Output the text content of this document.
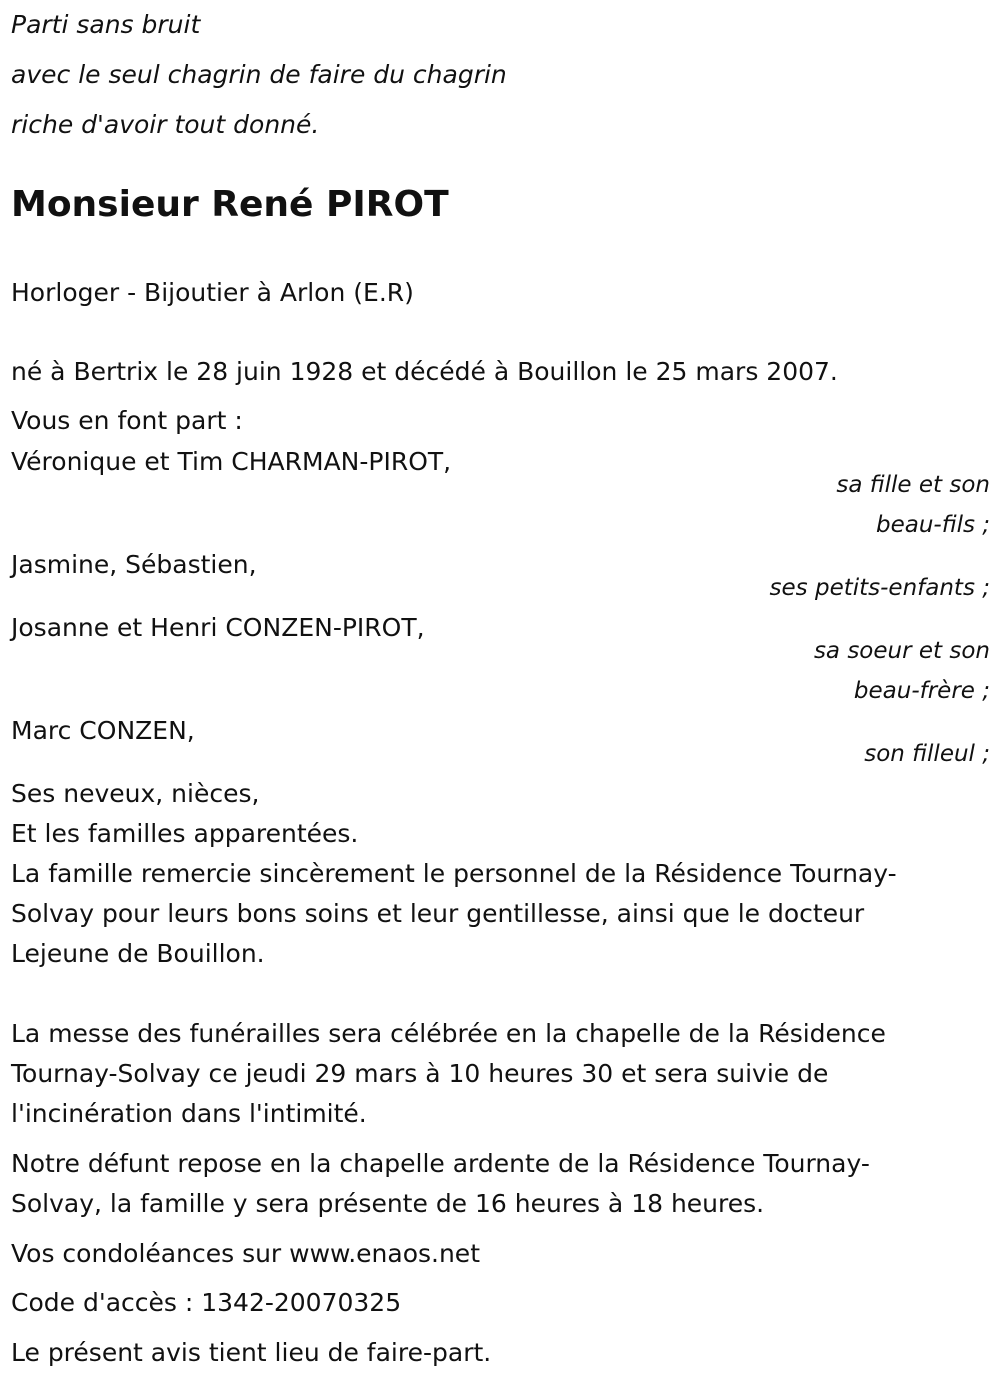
Parti sans bruit
avec le seul chagrin de faire du chagrin
riche d'avoir tout donné.
Monsieur René PIROT
Horloger - Bijoutier à Arlon (E.R)
né à Bertrix le 28 juin 1928 et décédé à Bouillon le 25 mars 2007.
Vous en font part :
Véronique et Tim CHARMAN-PIROT,
sa fille et son
beau-fils ;
Jasmine, Sébastien,
ses petits-enfants ;
Josanne et Henri CONZEN-PIROT,
sa soeur et son
beau-frère ;
Marc CONZEN,
son filleul ;
Ses neveux, nièces,
Et les familles apparentées.
La famille remercie sincèrement le personnel de la Résidence Tournay-
Solvay pour leurs bons soins et leur gentillesse, ainsi que le docteur
Lejeune de Bouillon.
La messe des funérailles sera célébrée en la chapelle de la Résidence
Tournay-Solvay ce jeudi 29 mars à 10 heures 30 et sera suivie de
l'incinération dans l'intimité.
Notre défunt repose en la chapelle ardente de la Résidence Tournay-
Solvay, la famille y sera présente de 16 heures à 18 heures.
Vos condoléances sur www.enaos.net
Code d'accès : 1342-20070325
Le présent avis tient lieu de faire-part.
